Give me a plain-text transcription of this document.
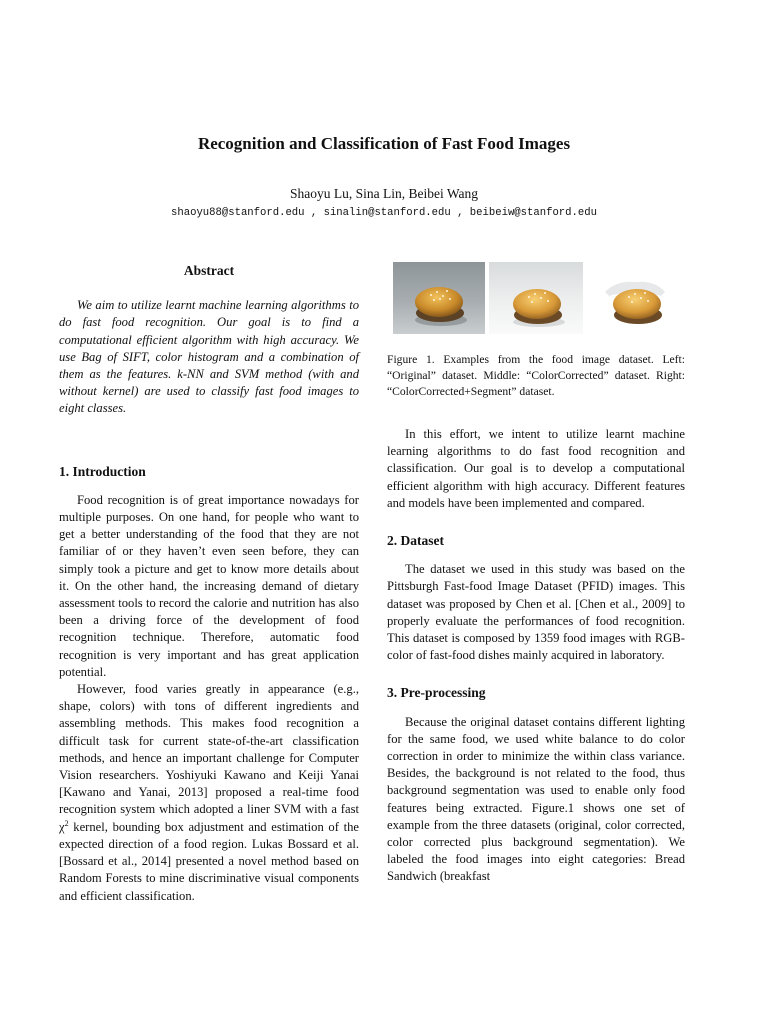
Recognition and Classification of Fast Food Images
Shaoyu Lu, Sina Lin, Beibei Wang
shaoyu88@stanford.edu , sinalin@stanford.edu , beibeiw@stanford.edu
Abstract

We aim to utilize learnt machine learning algorithms to do fast food recognition. Our goal is to find a computational efficient algorithm with high accuracy. We use Bag of SIFT, color histogram and a combination of them as the features. k-NN and SVM method (with and without kernel) are used to classify fast food images to eight classes.

1. Introduction

Food recognition is of great importance nowadays for multiple purposes. On one hand, for people who want to get a better understanding of the food that they are not familiar of or they haven’t even seen before, they can simply took a picture and get to know more details about it. On the other hand, the increasing demand of dietary assessment tools to record the calorie and nutrition has also been a driving force of the development of food recognition technique. Therefore, automatic food recognition is very important and has great application potential.

However, food varies greatly in appearance (e.g., shape, colors) with tons of different ingredients and assembling methods. This makes food recognition a difficult task for current state-of-the-art classification methods, and hence an important challenge for Computer Vision researchers. Yoshiyuki Kawano and Keiji Yanai [Kawano and Yanai, 2013] proposed a real-time food recognition system which adopted a liner SVM with a fast $\chi^2$ kernel, bounding box adjustment and estimation of the expected direction of a food region. Lukas Bossard et al. [Bossard et al., 2014] presented a novel method based on Random Forests to mine discriminative visual components and efficient classification.

Figure 1. Examples from the food image dataset. Left: “Original” dataset. Middle: “ColorCorrected” dataset. Right: “ColorCorrected+Segment” dataset.

In this effort, we intent to utilize learnt machine learning algorithms to do fast food recognition and classification. Our goal is to develop a computational efficient algorithm with high accuracy. Different features and models have been implemented and compared.

2. Dataset

The dataset we used in this study was based on the Pittsburgh Fast-food Image Dataset (PFID) images. This dataset was proposed by Chen et al. [Chen et al., 2009] to properly evaluate the performances of food recognition. This dataset is composed by 1359 food images with RGB-color of fast-food dishes mainly acquired in laboratory.

3. Pre-processing

Because the original dataset contains different lighting for the same food, we used white balance to do color correction in order to minimize the within class variance. Besides, the background is not related to the food, thus background segmentation was used to enable only food features being extracted. Figure.1 shows one set of example from the three datasets (original, color corrected, color corrected plus background segmentation). We labeled the food images into eight categories: Bread Sandwich (breakfast
